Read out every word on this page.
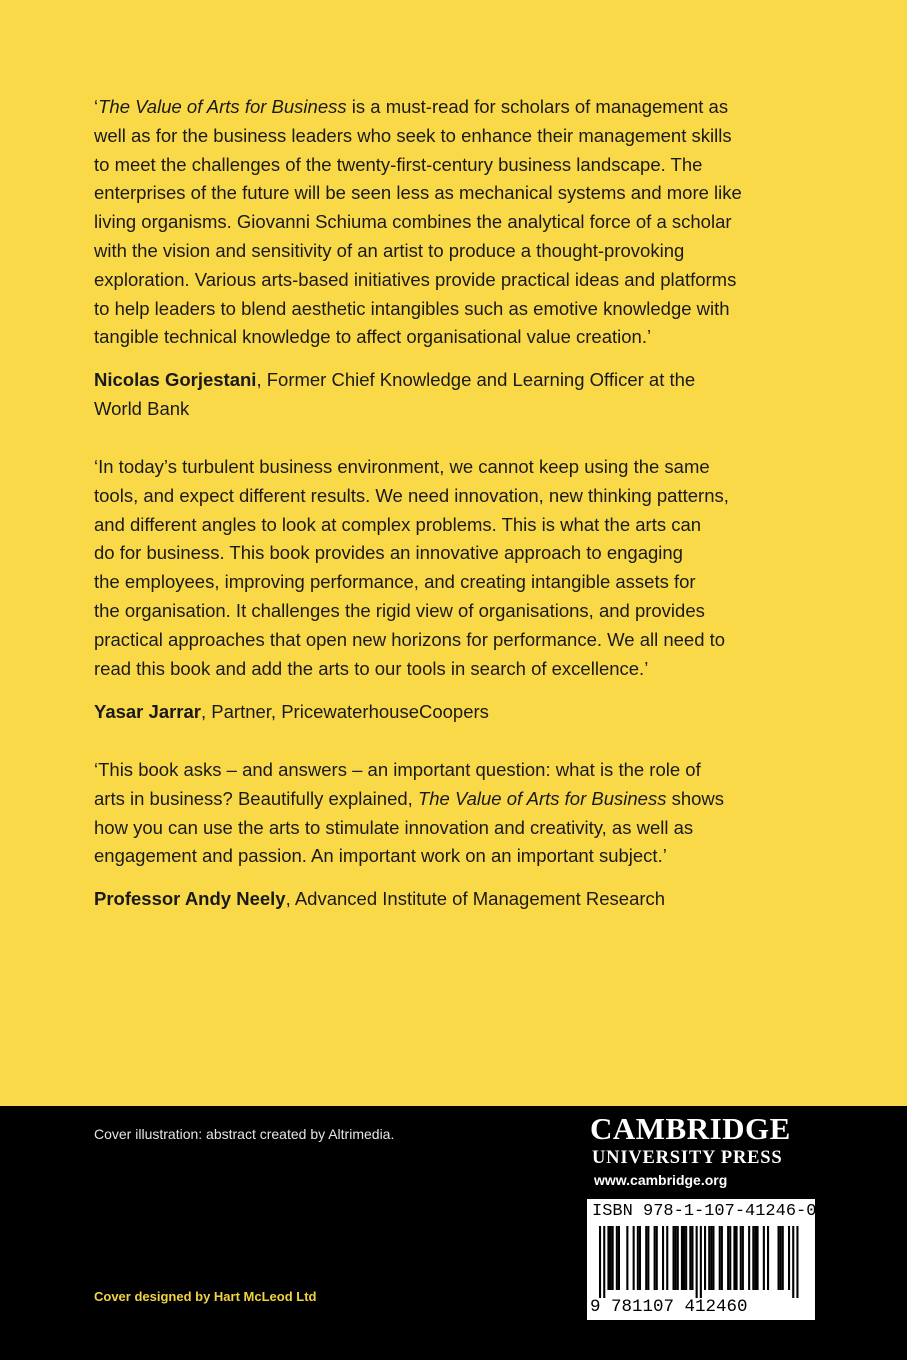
‘The Value of Arts for Business is a must-read for scholars of management as
well as for the business leaders who seek to enhance their management skills
to meet the challenges of the twenty-first-century business landscape. The
enterprises of the future will be seen less as mechanical systems and more like
living organisms. Giovanni Schiuma combines the analytical force of a scholar
with the vision and sensitivity of an artist to produce a thought-provoking
exploration. Various arts-based initiatives provide practical ideas and platforms
to help leaders to blend aesthetic intangibles such as emotive knowledge with
tangible technical knowledge to affect organisational value creation.’

Nicolas Gorjestani, Former Chief Knowledge and Learning Officer at the
World Bank

‘In today’s turbulent business environment, we cannot keep using the same
tools, and expect different results. We need innovation, new thinking patterns,
and different angles to look at complex problems. This is what the arts can
do for business. This book provides an innovative approach to engaging
the employees, improving performance, and creating intangible assets for
the organisation. It challenges the rigid view of organisations, and provides
practical approaches that open new horizons for performance. We all need to
read this book and add the arts to our tools in search of excellence.’

Yasar Jarrar, Partner, PricewaterhouseCoopers

‘This book asks – and answers – an important question: what is the role of
arts in business? Beautifully explained, The Value of Arts for Business shows
how you can use the arts to stimulate innovation and creativity, as well as
engagement and passion. An important work on an important subject.’

Professor Andy Neely, Advanced Institute of Management Research

Cover illustration: abstract created by Altrimedia.
Cover designed by Hart McLeod Ltd
CAMBRIDGE
UNIVERSITY PRESS
www.cambridge.org
ISBN 978-1-107-41246-0
9 781107 412460
